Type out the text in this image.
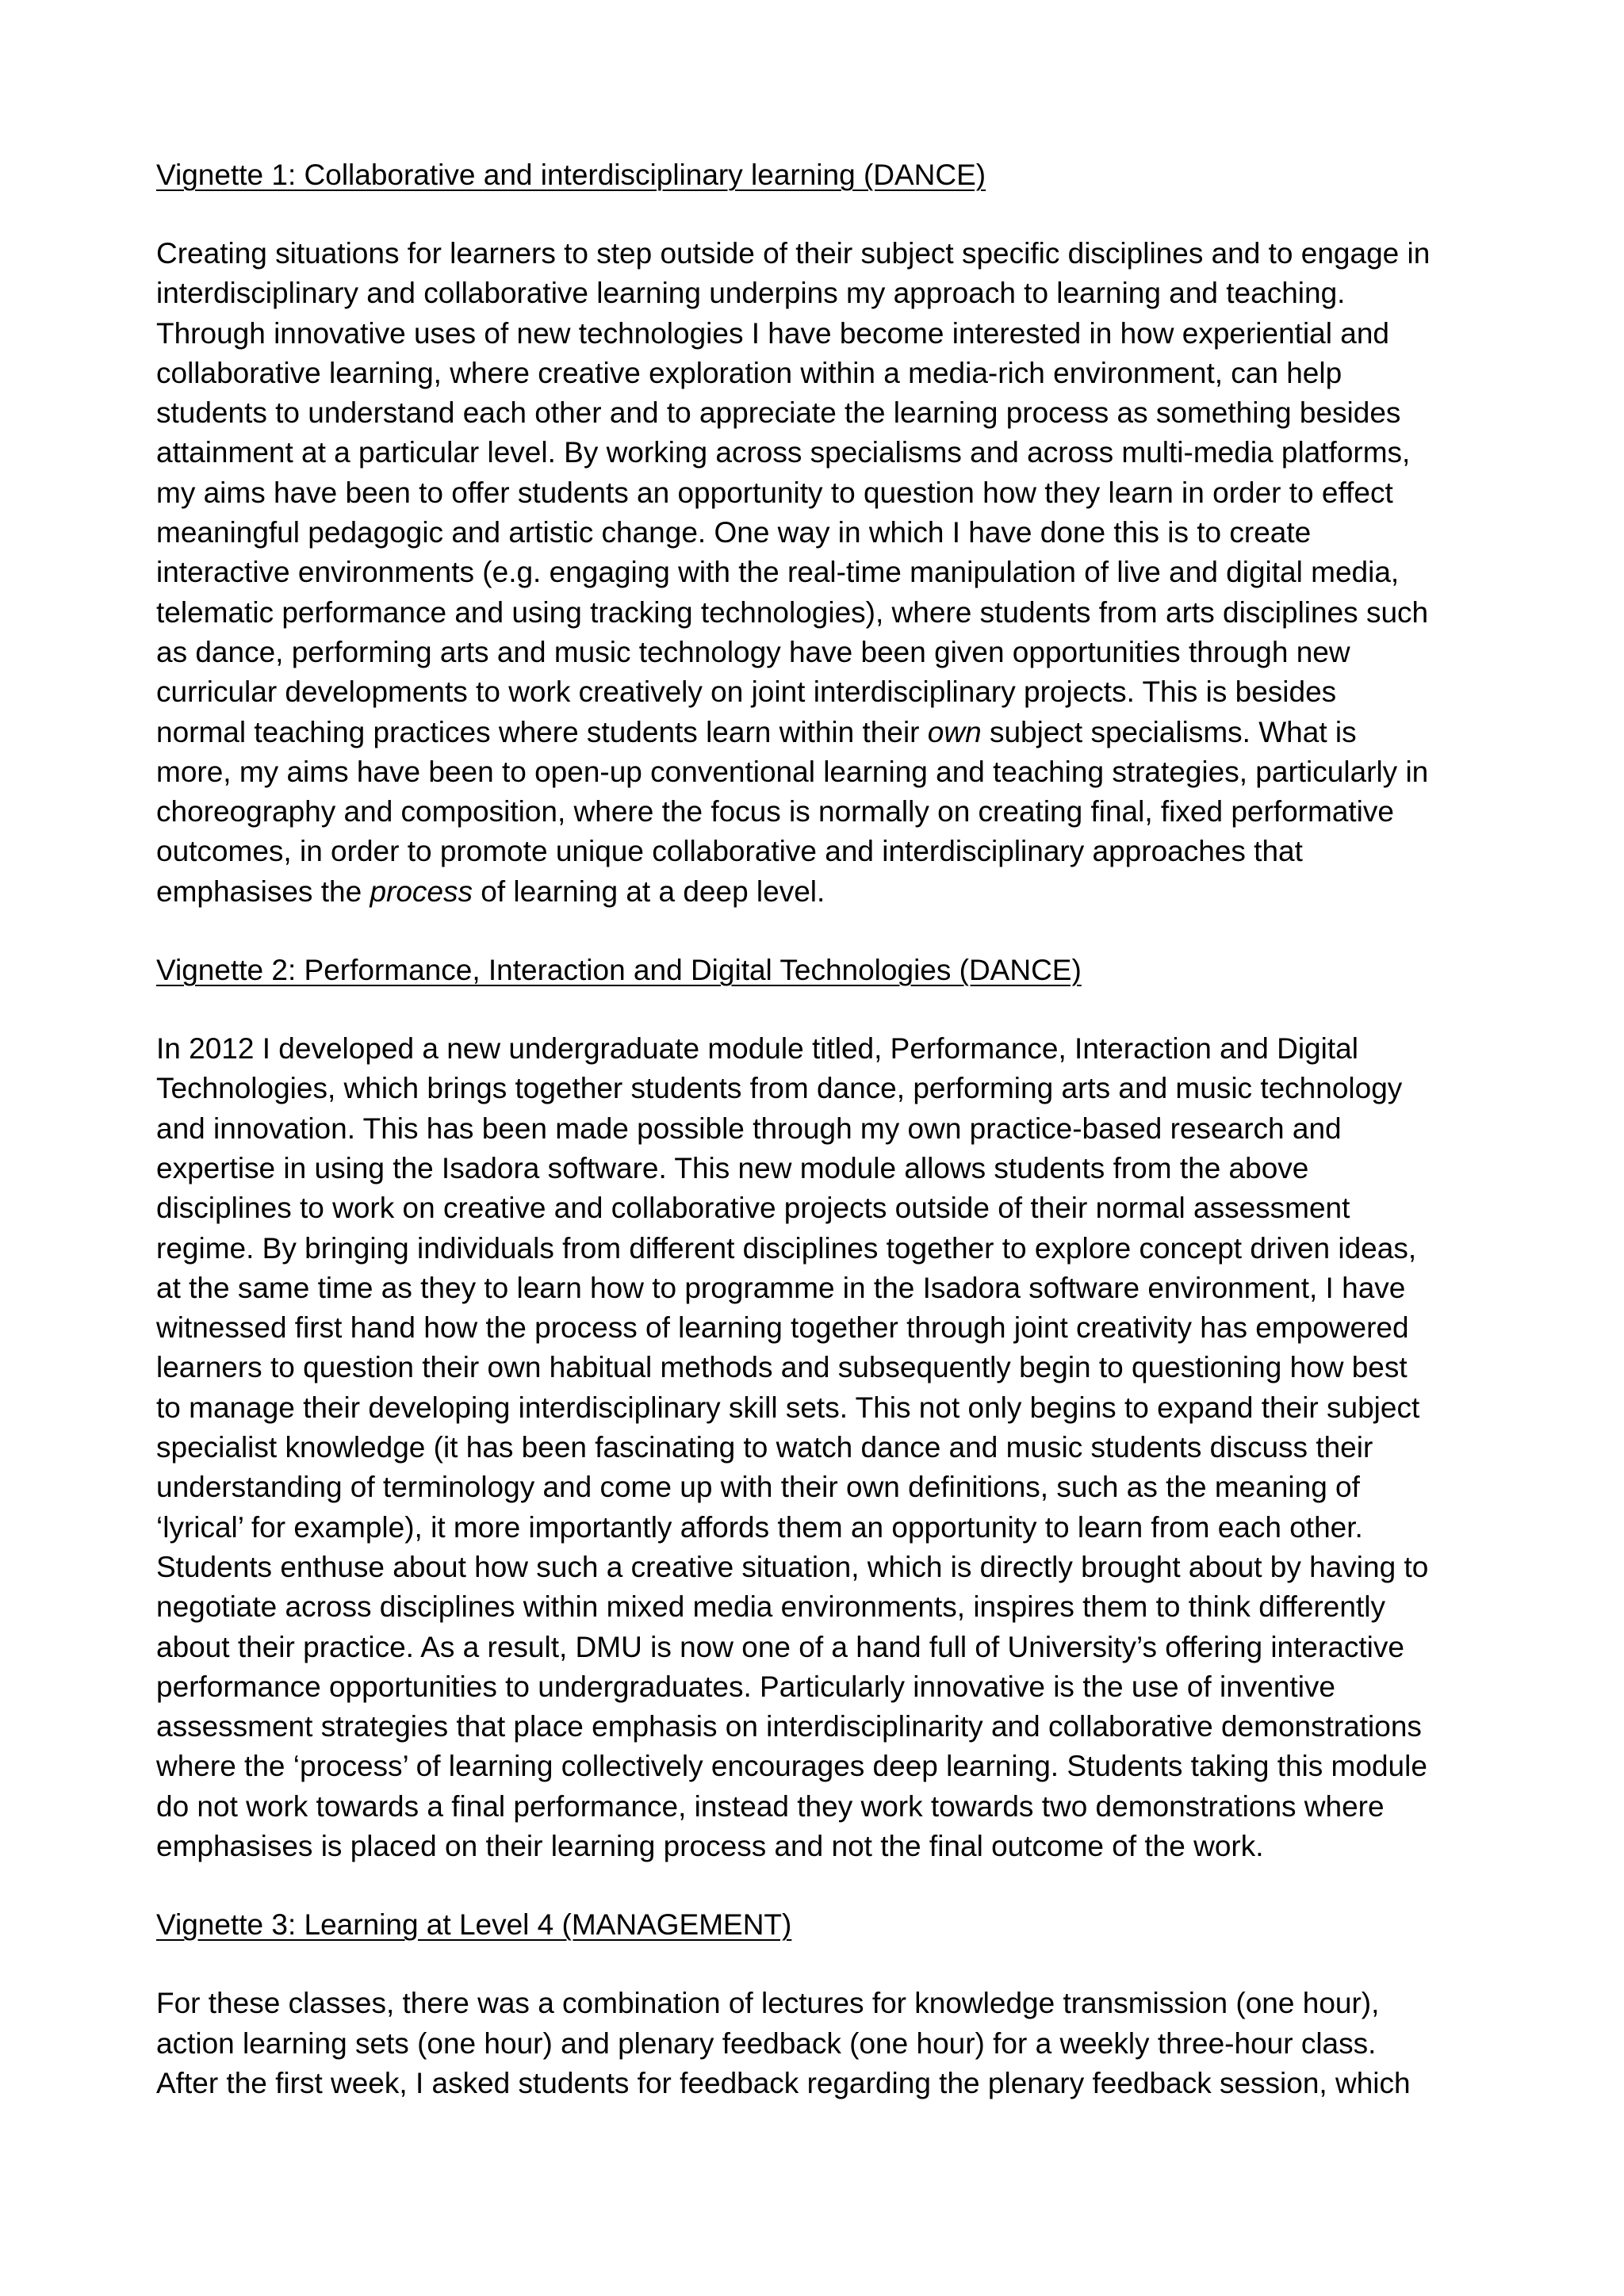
Vignette 1: Collaborative and interdisciplinary learning (DANCE)
Creating situations for learners to step outside of their subject specific disciplines and to engage in
interdisciplinary and collaborative learning underpins my approach to learning and teaching.
Through innovative uses of new technologies I have become interested in how experiential and
collaborative learning, where creative exploration within a media-rich environment, can help
students to understand each other and to appreciate the learning process as something besides
attainment at a particular level. By working across specialisms and across multi-media platforms,
my aims have been to offer students an opportunity to question how they learn in order to effect
meaningful pedagogic and artistic change. One way in which I have done this is to create
interactive environments (e.g. engaging with the real-time manipulation of live and digital media,
telematic performance and using tracking technologies), where students from arts disciplines such
as dance, performing arts and music technology have been given opportunities through new
curricular developments to work creatively on joint interdisciplinary projects. This is besides
normal teaching practices where students learn within their own subject specialisms. What is
more, my aims have been to open-up conventional learning and teaching strategies, particularly in
choreography and composition, where the focus is normally on creating final, fixed performative
outcomes, in order to promote unique collaborative and interdisciplinary approaches that
emphasises the process of learning at a deep level.
Vignette 2: Performance, Interaction and Digital Technologies (DANCE)
In 2012 I developed a new undergraduate module titled, Performance, Interaction and Digital
Technologies, which brings together students from dance, performing arts and music technology
and innovation. This has been made possible through my own practice-based research and
expertise in using the Isadora software. This new module allows students from the above
disciplines to work on creative and collaborative projects outside of their normal assessment
regime. By bringing individuals from different disciplines together to explore concept driven ideas,
at the same time as they to learn how to programme in the Isadora software environment, I have
witnessed first hand how the process of learning together through joint creativity has empowered
learners to question their own habitual methods and subsequently begin to questioning how best
to manage their developing interdisciplinary skill sets. This not only begins to expand their subject
specialist knowledge (it has been fascinating to watch dance and music students discuss their
understanding of terminology and come up with their own definitions, such as the meaning of
‘lyrical’ for example), it more importantly affords them an opportunity to learn from each other.
Students enthuse about how such a creative situation, which is directly brought about by having to
negotiate across disciplines within mixed media environments, inspires them to think differently
about their practice. As a result, DMU is now one of a hand full of University’s offering interactive
performance opportunities to undergraduates. Particularly innovative is the use of inventive
assessment strategies that place emphasis on interdisciplinarity and collaborative demonstrations
where the ‘process’ of learning collectively encourages deep learning. Students taking this module
do not work towards a final performance, instead they work towards two demonstrations where
emphasises is placed on their learning process and not the final outcome of the work.
Vignette 3: Learning at Level 4 (MANAGEMENT)
For these classes, there was a combination of lectures for knowledge transmission (one hour),
action learning sets (one hour) and plenary feedback (one hour) for a weekly three-hour class.
After the first week, I asked students for feedback regarding the plenary feedback session, which
